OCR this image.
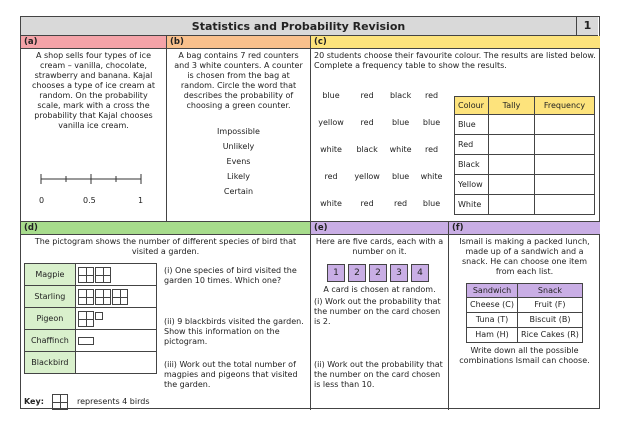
Statistics and Probability Revision	1
(a)
A shop sells four types of ice cream – vanilla, chocolate, strawberry and banana. Kajal chooses a type of ice cream at random. On the probability scale, mark with a cross the probability that Kajal chooses vanilla ice cream.
0	0.5	1
(b)
A bag contains 7 red counters and 3 white counters. A counter is chosen from the bag at random. Circle the word that describes the probability of choosing a green counter.
Impossible
Unlikely
Evens
Likely
Certain
(c)
20 students choose their favourite colour. The results are listed below. Complete a frequency table to show the results.
blue	red	black	red
yellow	red	blue	blue
white	black	white	red
red	yellow	blue	white
white	red	red	blue
Colour	Tally	Frequency
Blue		
Red		
Black		
Yellow		
White		
(d)
The pictogram shows the number of different species of bird that visited a garden.
Magpie	
Starling	
Pigeon	
Chaffinch	
Blackbird	
(i) One species of bird visited the garden 10 times. Which one?
(ii) 9 blackbirds visited the garden. Show this information on the pictogram.
(iii) Work out the total number of magpies and pigeons that visited the garden.
Key:	represents 4 birds
(e)
Here are five cards, each with a number on it.
1 2 2 3 4
A card is chosen at random.
(i) Work out the probability that the number on the card chosen is 2.
(ii) Work out the probability that the number on the card chosen is less than 10.
(f)
Ismail is making a packed lunch, made up of a sandwich and a snack. He can choose one item from each list.
Sandwich	Snack
Cheese (C)	Fruit (F)
Tuna (T)	Biscuit (B)
Ham (H)	Rice Cakes (R)
Write down all the possible combinations Ismail can choose.
